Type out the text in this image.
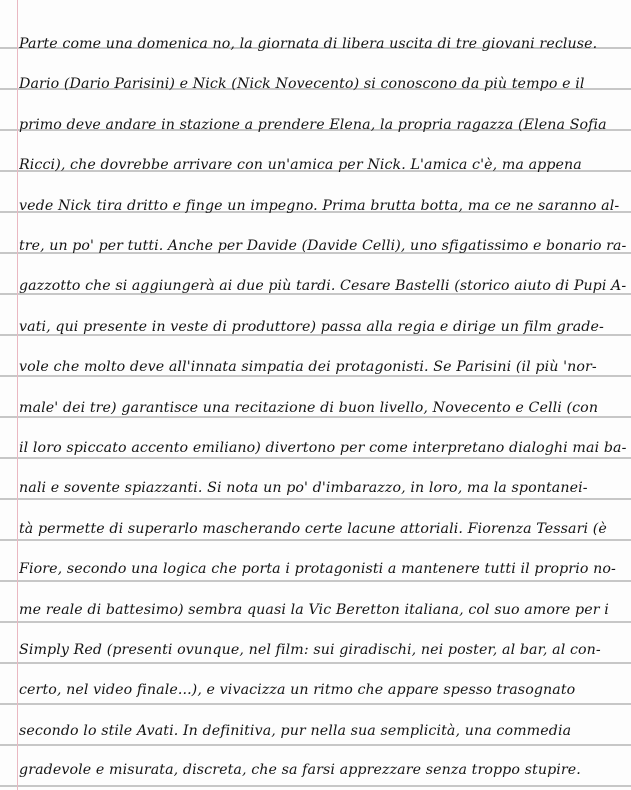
Parte come una domenica no, la giornata di libera uscita di tre giovani recluse.
Dario (Dario Parisini) e Nick (Nick Novecento) si conoscono da più tempo e il
primo deve andare in stazione a prendere Elena, la propria ragazza (Elena Sofia
Ricci), che dovrebbe arrivare con un'amica per Nick. L'amica c'è, ma appena
vede Nick tira dritto e finge un impegno. Prima brutta botta, ma ce ne saranno al-
tre, un po' per tutti. Anche per Davide (Davide Celli), uno sfigatissimo e bonario ra-
gazzotto che si aggiungerà ai due più tardi. Cesare Bastelli (storico aiuto di Pupi A-
vati, qui presente in veste di produttore) passa alla regia e dirige un film grade-
vole che molto deve all'innata simpatia dei protagonisti. Se Parisini (il più 'nor-
male' dei tre) garantisce una recitazione di buon livello, Novecento e Celli (con
il loro spiccato accento emiliano) divertono per come interpretano dialoghi mai ba-
nali e sovente spiazzanti. Si nota un po' d'imbarazzo, in loro, ma la spontanei-
tà permette di superarlo mascherando certe lacune attoriali. Fiorenza Tessari (è
Fiore, secondo una logica che porta i protagonisti a mantenere tutti il proprio no-
me reale di battesimo) sembra quasi la Vic Beretton italiana, col suo amore per i
Simply Red (presenti ovunque, nel film: sui giradischi, nei poster, al bar, al con-
certo, nel video finale...), e vivacizza un ritmo che appare spesso trasognato
secondo lo stile Avati. In definitiva, pur nella sua semplicità, una commedia
gradevole e misurata, discreta, che sa farsi apprezzare senza troppo stupire.
